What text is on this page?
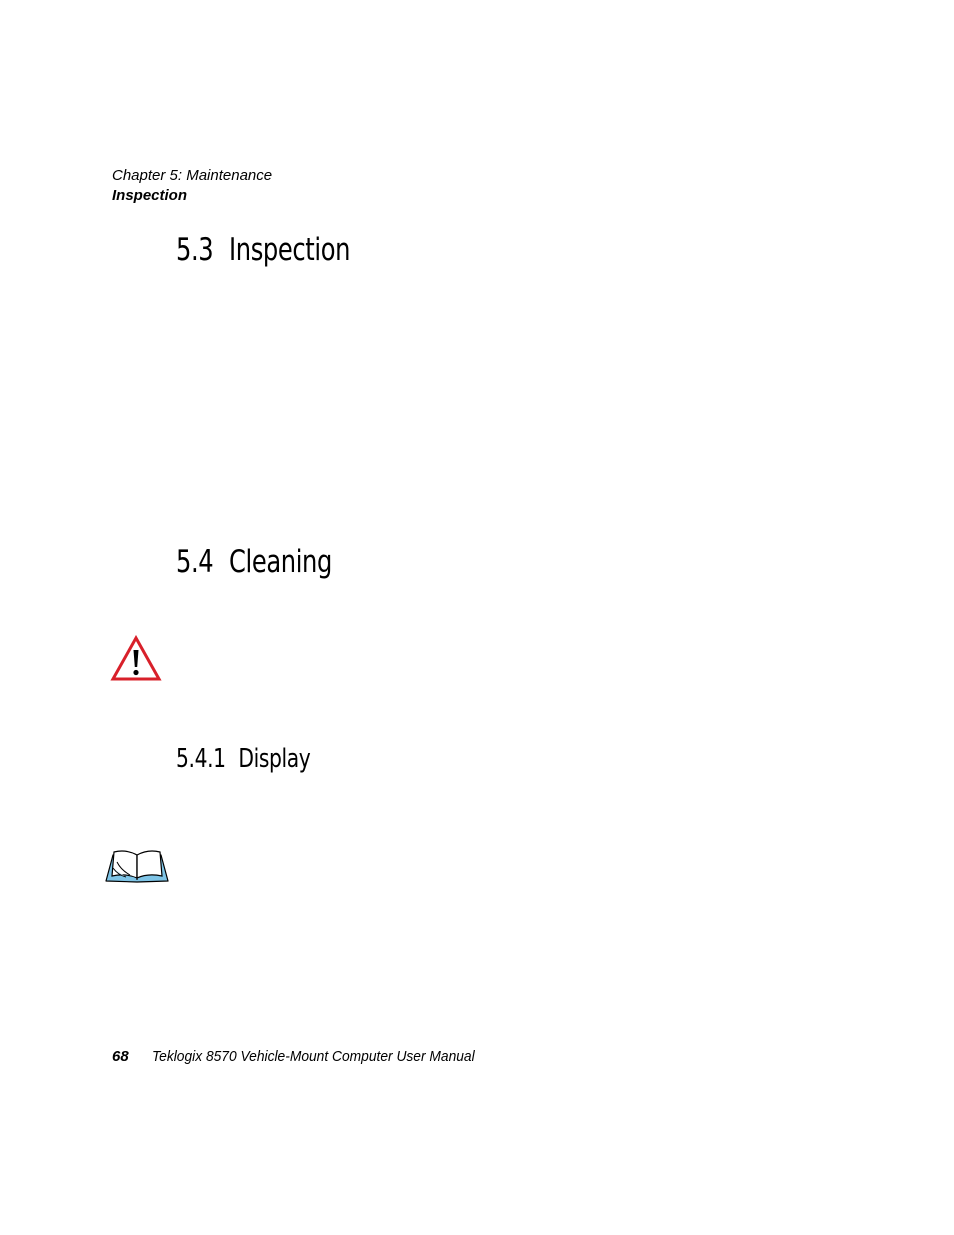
Chapter 5: Maintenance
Inspection
5.3 Inspection
5.4 Cleaning
5.4.1 Display
68 Teklogix 8570 Vehicle-Mount Computer User Manual
